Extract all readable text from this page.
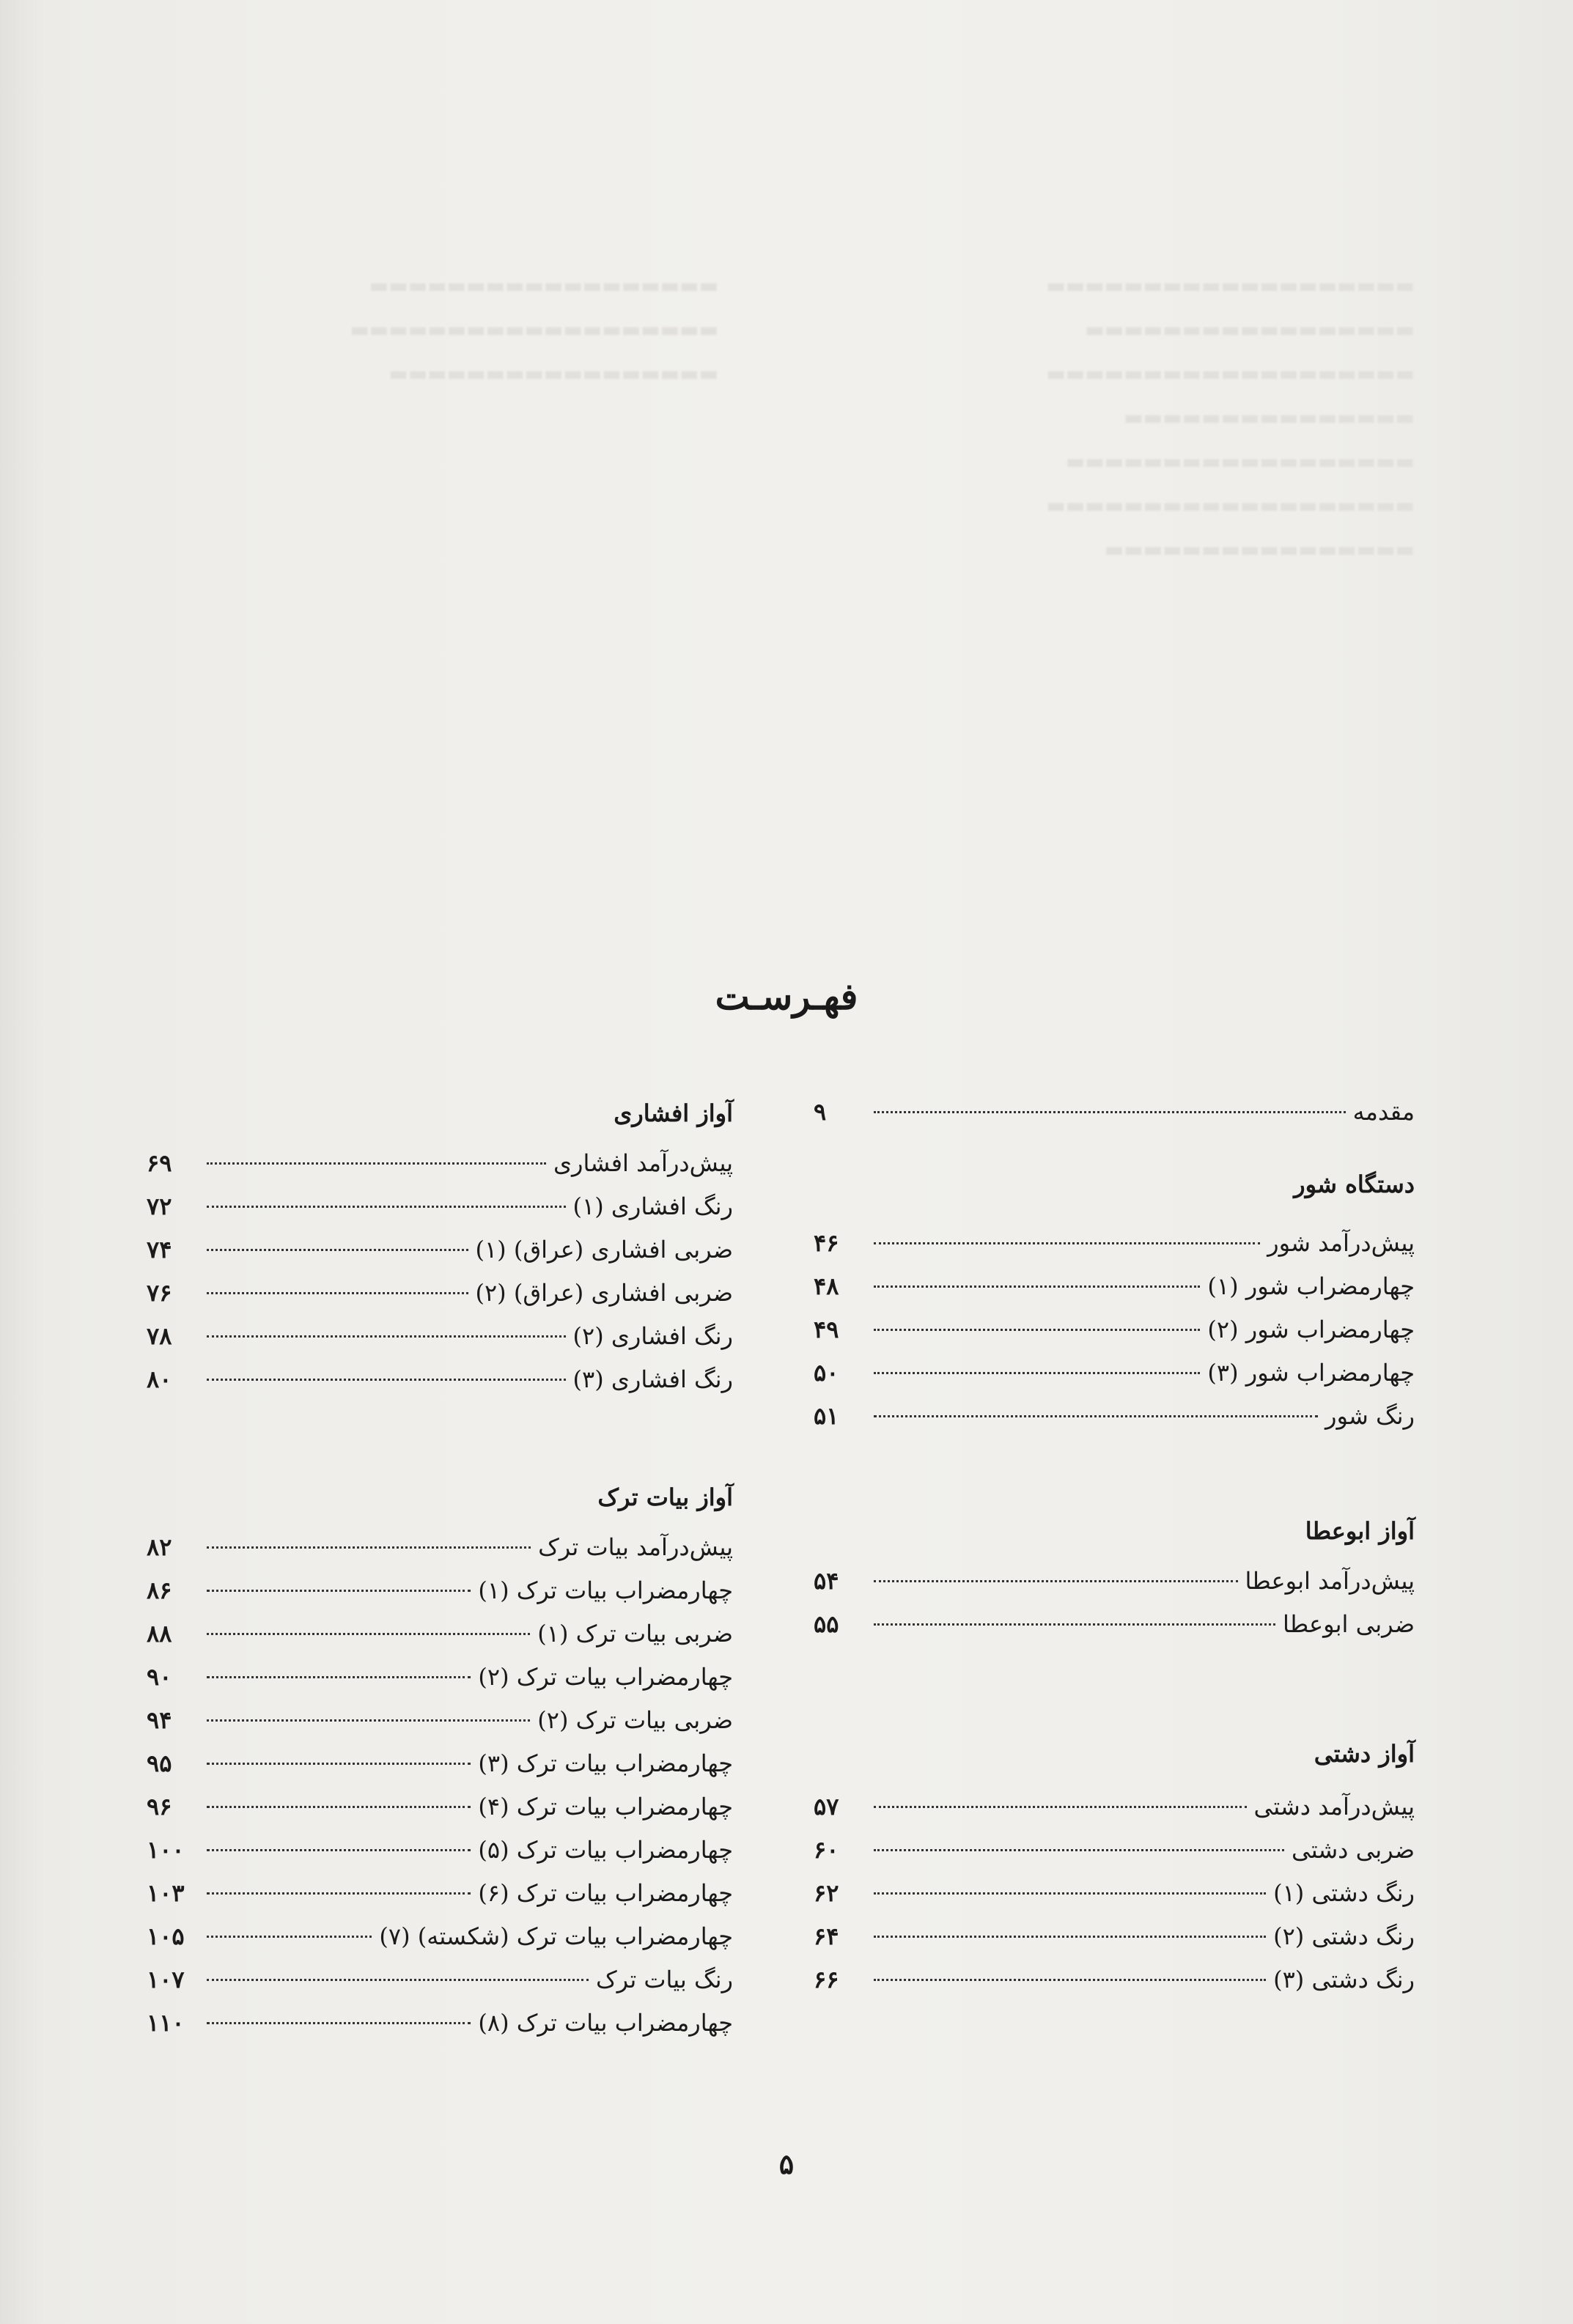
▬▬▬▬▬▬▬▬▬▬▬▬▬▬▬▬▬▬▬
▬▬▬▬▬▬▬▬▬▬▬▬▬▬▬▬▬
▬▬▬▬▬▬▬▬▬▬▬▬▬▬▬▬▬▬▬
▬▬▬▬▬▬▬▬▬▬▬▬▬▬▬
▬▬▬▬▬▬▬▬▬▬▬▬▬▬▬▬▬▬
▬▬▬▬▬▬▬▬▬▬▬▬▬▬▬▬▬▬▬
▬▬▬▬▬▬▬▬▬▬▬▬▬▬▬▬
▬▬▬▬▬▬▬▬▬▬▬▬▬▬▬▬▬▬
▬▬▬▬▬▬▬▬▬▬▬▬▬▬▬▬▬▬▬
▬▬▬▬▬▬▬▬▬▬▬▬▬▬▬▬▬
فهـرسـت
مقدمه
۹
دستگاه شور
پیش‌درآمد شور
۴۶
چهارمضراب شور (۱)
۴۸
چهارمضراب شور (۲)
۴۹
چهارمضراب شور (۳)
۵۰
رنگ شور
۵۱
آواز ابوعطا
پیش‌درآمد ابوعطا
۵۴
ضربی ابوعطا
۵۵
آواز دشتی
پیش‌درآمد دشتی
۵۷
ضربی دشتی
۶۰
رنگ دشتی (۱)
۶۲
رنگ دشتی (۲)
۶۴
رنگ دشتی (۳)
۶۶
آواز افشاری
پیش‌درآمد افشاری
۶۹
رنگ افشاری (۱)
۷۲
ضربی افشاری (عراق) (۱)
۷۴
ضربی افشاری (عراق) (۲)
۷۶
رنگ افشاری (۲)
۷۸
رنگ افشاری (۳)
۸۰
آواز بیات ترک
پیش‌درآمد بیات ترک
۸۲
چهارمضراب بیات ترک (۱)
۸۶
ضربی بیات ترک (۱)
۸۸
چهارمضراب بیات ترک (۲)
۹۰
ضربی بیات ترک (۲)
۹۴
چهارمضراب بیات ترک (۳)
۹۵
چهارمضراب بیات ترک (۴)
۹۶
چهارمضراب بیات ترک (۵)
۱۰۰
چهارمضراب بیات ترک (۶)
۱۰۳
چهارمضراب بیات ترک (شکسته) (۷)
۱۰۵
رنگ بیات ترک
۱۰۷
چهارمضراب بیات ترک (۸)
۱۱۰
۵
